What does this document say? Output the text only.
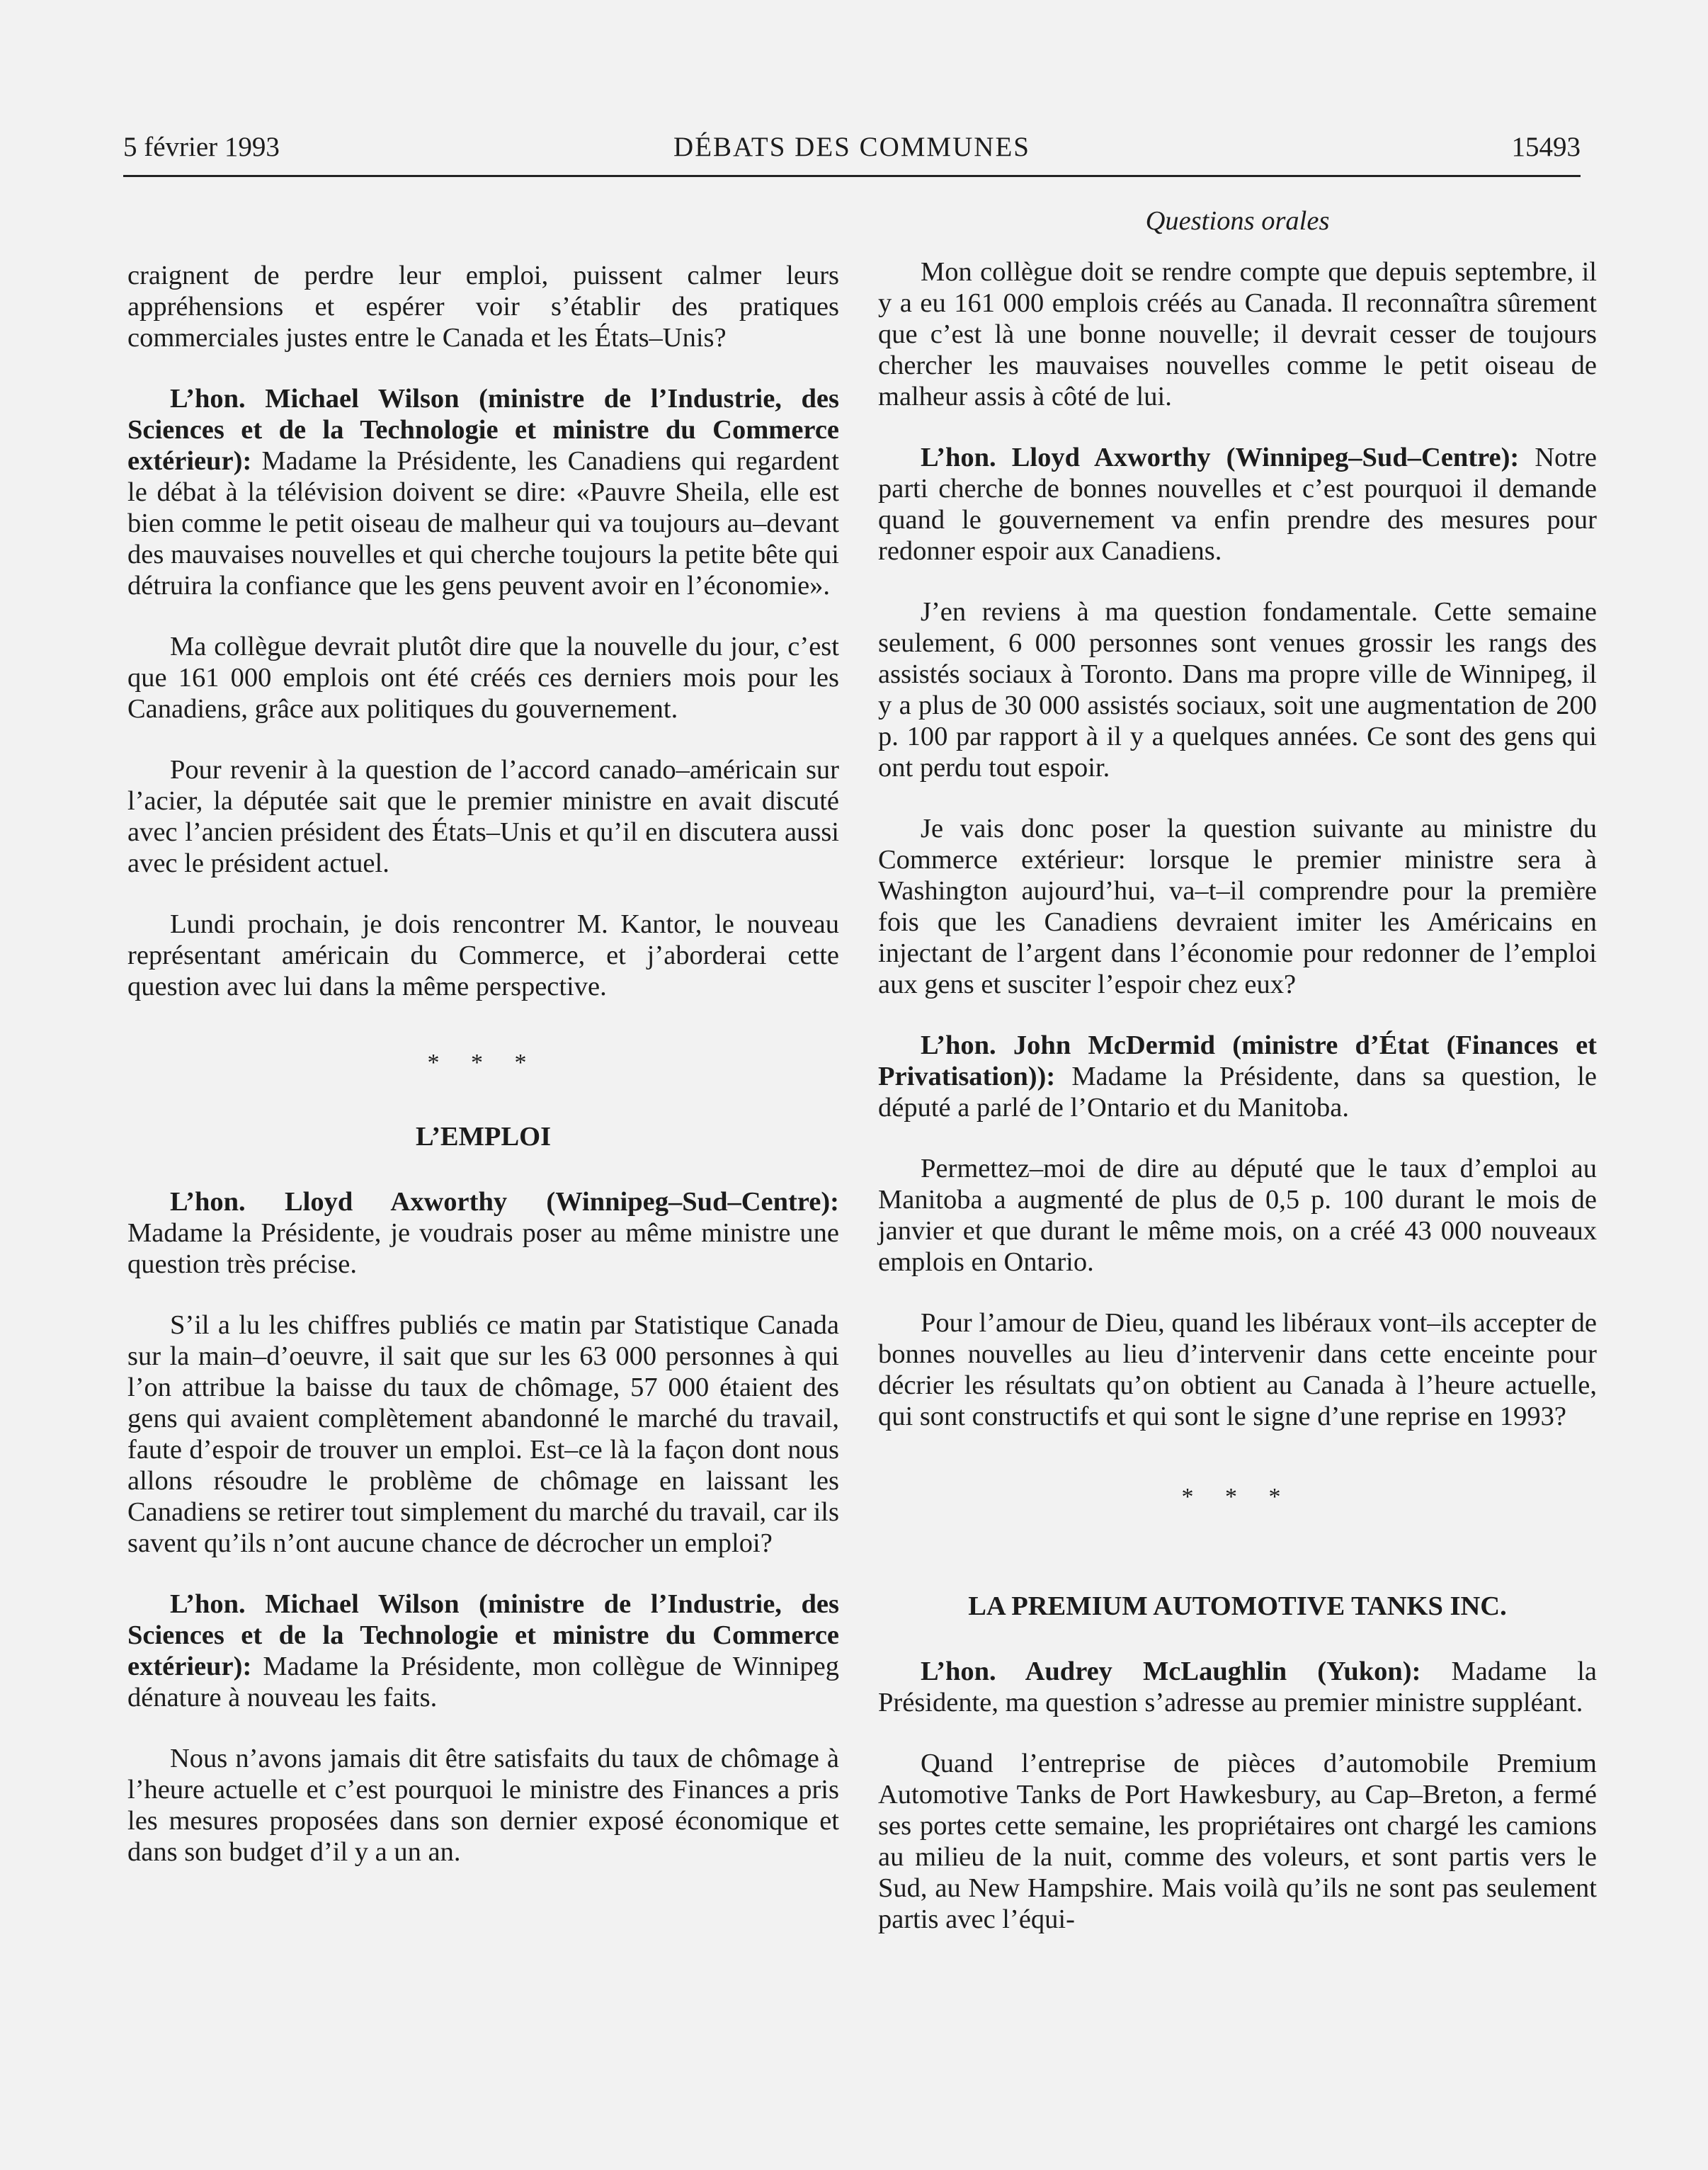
5 février 1993	DÉBATS DES COMMUNES	15493

craignent de perdre leur emploi, puissent calmer leurs appréhensions et espérer voir s’établir des pratiques commerciales justes entre le Canada et les États–Unis?

L’hon. Michael Wilson (ministre de l’Industrie, des Sciences et de la Technologie et ministre du Commerce extérieur): Madame la Présidente, les Canadiens qui regardent le débat à la télévision doivent se dire: «Pauvre Sheila, elle est bien comme le petit oiseau de malheur qui va toujours au–devant des mauvaises nouvelles et qui cherche toujours la petite bête qui détruira la confiance que les gens peuvent avoir en l’économie».

Ma collègue devrait plutôt dire que la nouvelle du jour, c’est que 161 000 emplois ont été créés ces derniers mois pour les Canadiens, grâce aux politiques du gouvernement.

Pour revenir à la question de l’accord canado–américain sur l’acier, la députée sait que le premier ministre en avait discuté avec l’ancien président des États–Unis et qu’il en discutera aussi avec le président actuel.

Lundi prochain, je dois rencontrer M. Kantor, le nouveau représentant américain du Commerce, et j’aborderai cette question avec lui dans la même perspective.

* * *
L’EMPLOI

L’hon. Lloyd Axworthy (Winnipeg–Sud–Centre): Madame la Présidente, je voudrais poser au même ministre une question très précise.

S’il a lu les chiffres publiés ce matin par Statistique Canada sur la main–d’oeuvre, il sait que sur les 63 000 personnes à qui l’on attribue la baisse du taux de chômage, 57 000 étaient des gens qui avaient complètement abandonné le marché du travail, faute d’espoir de trouver un emploi. Est–ce là la façon dont nous allons résoudre le problème de chômage en laissant les Canadiens se retirer tout simplement du marché du travail, car ils savent qu’ils n’ont aucune chance de décrocher un emploi?

L’hon. Michael Wilson (ministre de l’Industrie, des Sciences et de la Technologie et ministre du Commerce extérieur): Madame la Présidente, mon collègue de Winnipeg dénature à nouveau les faits.

Nous n’avons jamais dit être satisfaits du taux de chômage à l’heure actuelle et c’est pourquoi le ministre des Finances a pris les mesures proposées dans son dernier exposé économique et dans son budget d’il y a un an.

Questions orales

Mon collègue doit se rendre compte que depuis septembre, il y a eu 161 000 emplois créés au Canada. Il reconnaîtra sûrement que c’est là une bonne nouvelle; il devrait cesser de toujours chercher les mauvaises nouvelles comme le petit oiseau de malheur assis à côté de lui.

L’hon. Lloyd Axworthy (Winnipeg–Sud–Centre): Notre parti cherche de bonnes nouvelles et c’est pourquoi il demande quand le gouvernement va enfin prendre des mesures pour redonner espoir aux Canadiens.

J’en reviens à ma question fondamentale. Cette semaine seulement, 6 000 personnes sont venues grossir les rangs des assistés sociaux à Toronto. Dans ma propre ville de Winnipeg, il y a plus de 30 000 assistés sociaux, soit une augmentation de 200 p. 100 par rapport à il y a quelques années. Ce sont des gens qui ont perdu tout espoir.

Je vais donc poser la question suivante au ministre du Commerce extérieur: lorsque le premier ministre sera à Washington aujourd’hui, va–t–il comprendre pour la première fois que les Canadiens devraient imiter les Américains en injectant de l’argent dans l’économie pour redonner de l’emploi aux gens et susciter l’espoir chez eux?

L’hon. John McDermid (ministre d’État (Finances et Privatisation)): Madame la Présidente, dans sa question, le député a parlé de l’Ontario et du Manitoba.

Permettez–moi de dire au député que le taux d’emploi au Manitoba a augmenté de plus de 0,5 p. 100 durant le mois de janvier et que durant le même mois, on a créé 43 000 nouveaux emplois en Ontario.

Pour l’amour de Dieu, quand les libéraux vont–ils accepter de bonnes nouvelles au lieu d’intervenir dans cette enceinte pour décrier les résultats qu’on obtient au Canada à l’heure actuelle, qui sont constructifs et qui sont le signe d’une reprise en 1993?

* * *
LA PREMIUM AUTOMOTIVE TANKS INC.

L’hon. Audrey McLaughlin (Yukon): Madame la Présidente, ma question s’adresse au premier ministre suppléant.

Quand l’entreprise de pièces d’automobile Premium Automotive Tanks de Port Hawkesbury, au Cap–Breton, a fermé ses portes cette semaine, les propriétaires ont chargé les camions au milieu de la nuit, comme des voleurs, et sont partis vers le Sud, au New Hampshire. Mais voilà qu’ils ne sont pas seulement partis avec l’équi-
